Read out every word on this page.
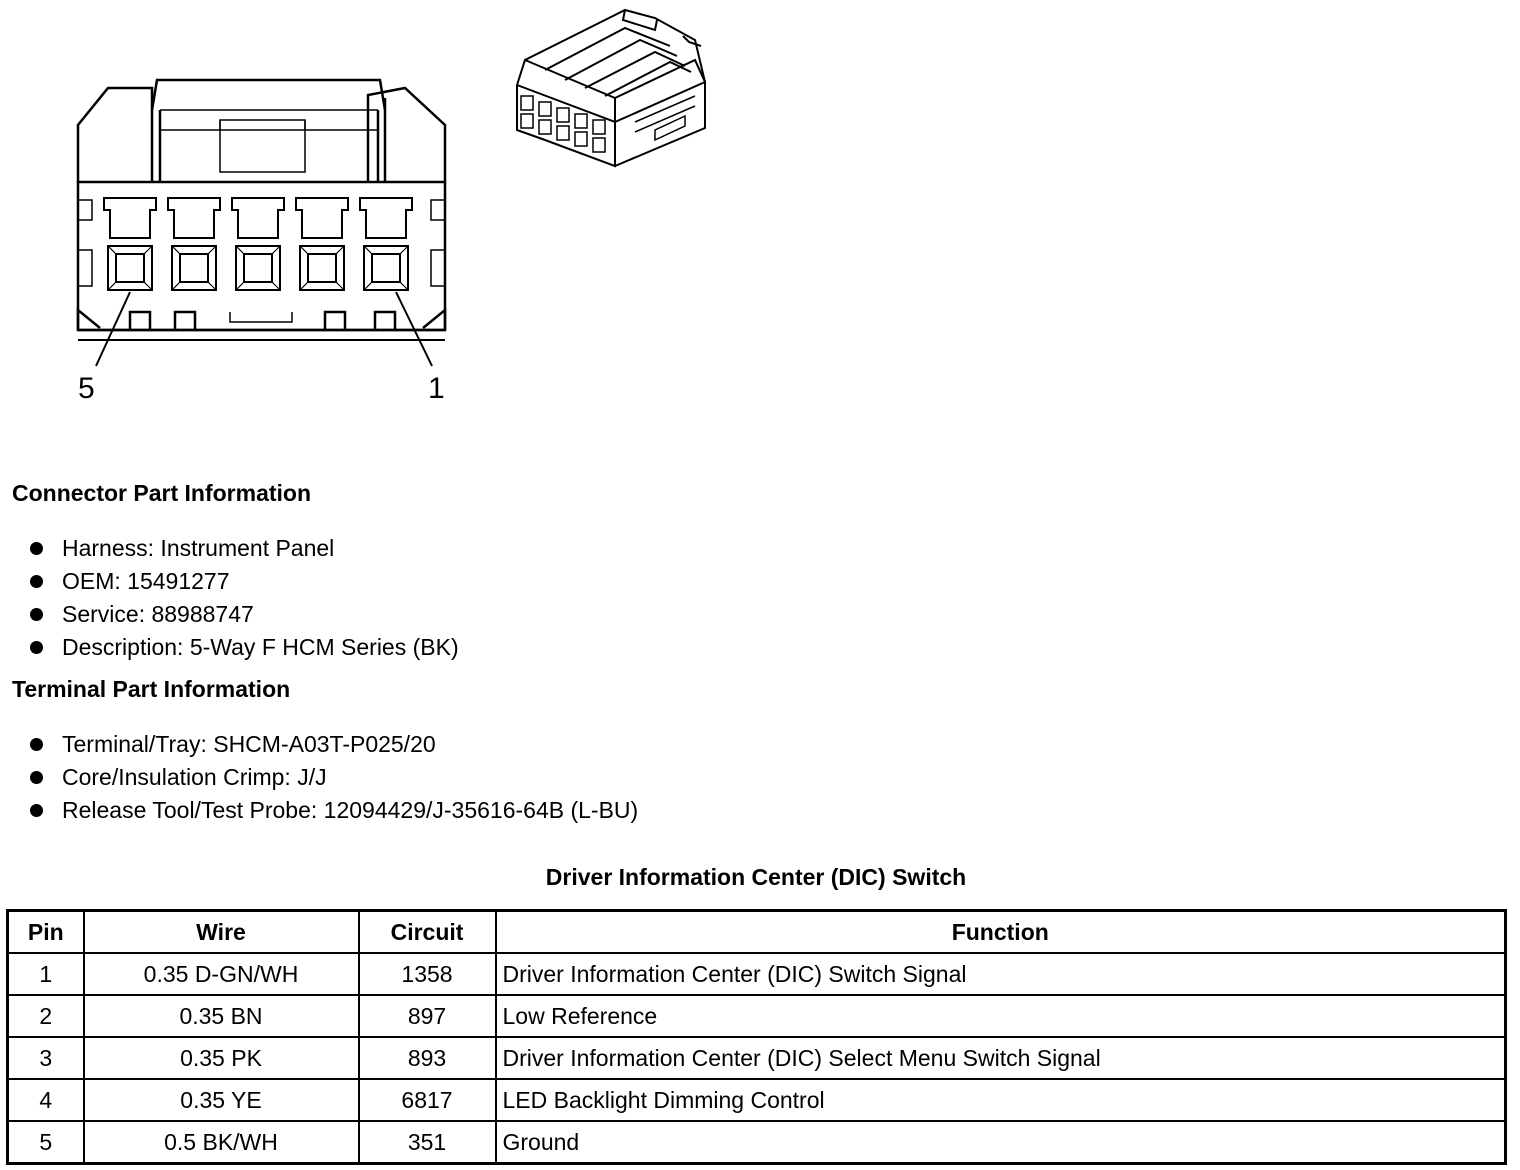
5	1
Connector Part Information
Harness: Instrument Panel
OEM: 15491277
Service: 88988747
Description: 5-Way F HCM Series (BK)
Terminal Part Information
Terminal/Tray: SHCM-A03T-P025/20
Core/Insulation Crimp: J/J
Release Tool/Test Probe: 12094429/J-35616-64B (L-BU)
Driver Information Center (DIC) Switch
Pin	Wire	Circuit	Function
1	0.35 D-GN/WH	1358	Driver Information Center (DIC) Switch Signal
2	0.35 BN	897	Low Reference
3	0.35 PK	893	Driver Information Center (DIC) Select Menu Switch Signal
4	0.35 YE	6817	LED Backlight Dimming Control
5	0.5 BK/WH	351	Ground
